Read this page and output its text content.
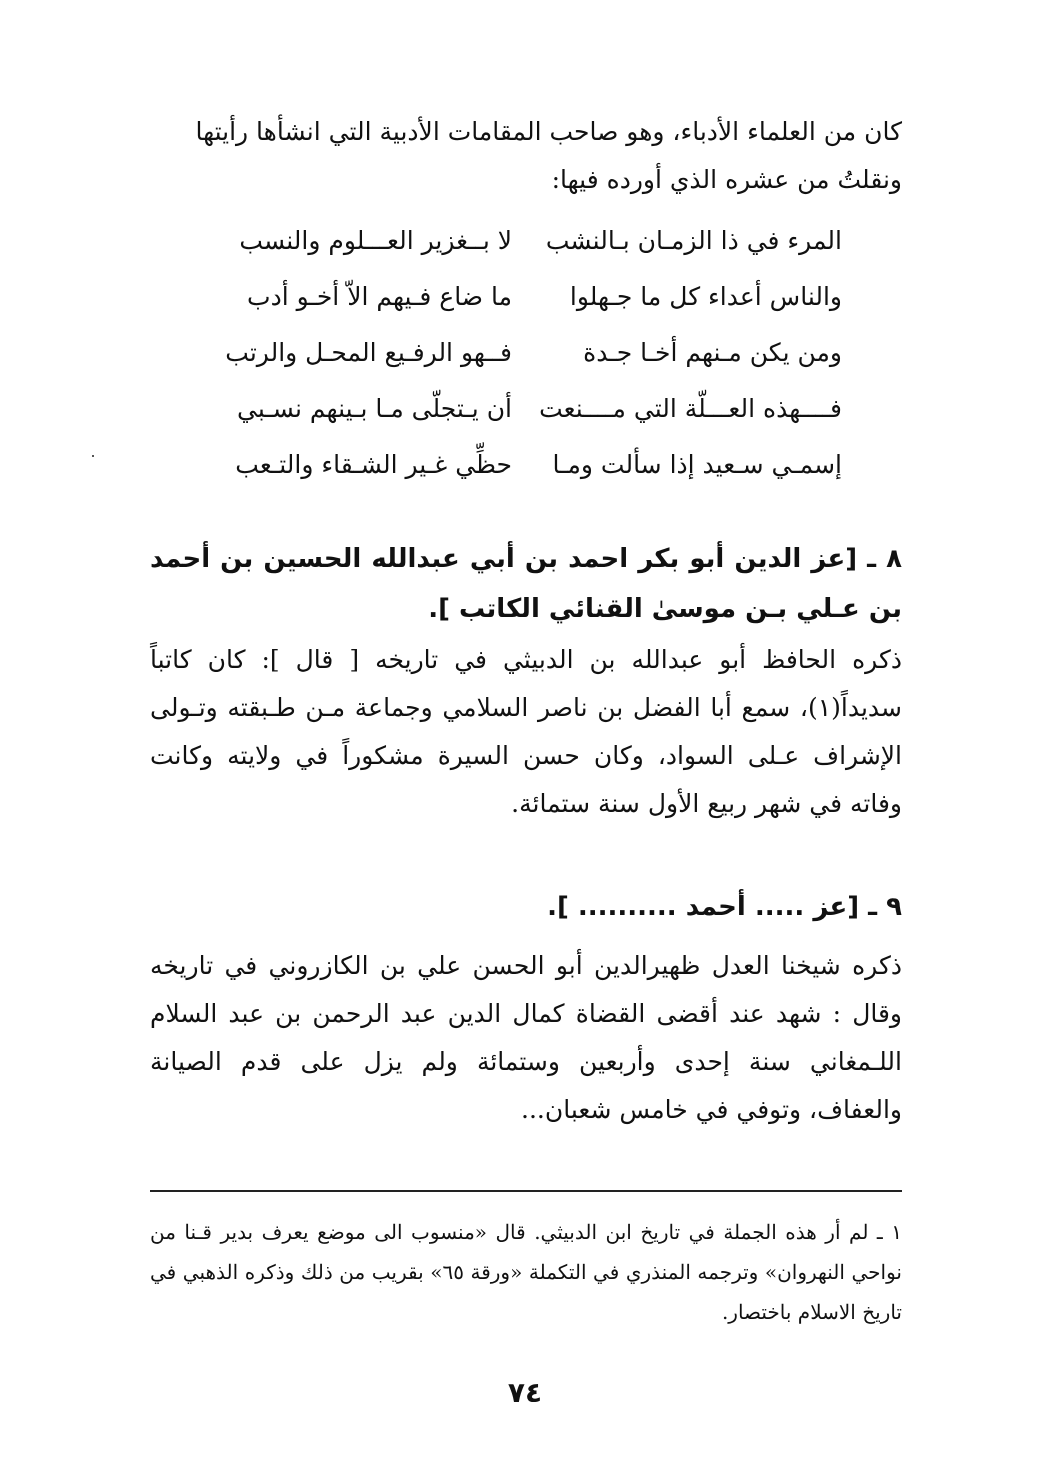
كان من العلماء الأدباء، وهو صاحب المقامات الأدبية التي انشأها رأيتها

ونقلتُ من عشره الذي أورده فيها:

المرء في ذا الزمـان بـالنشب
لا بــغزير العـــلوم والنسب
والناس أعداء كل ما جـهلوا
ما ضاع فـيهم الاّ أخـو أدب
ومن يكن مـنهم أخـا جـدة
فــهو الرفـيع المحـل والرتب
فــــهذه العـــلّة التي مــــنعت
أن يـتجلّى مـا بـينهم نسـبي
إسمـي سـعيد إذا سألت ومـا
حظِّي غـير الشـقاء والتـعب

٨ ـ [عز الدين أبو بكر احمد بن أبي عبدالله الحسين بن أحمد بن عـلي بـن موسىٰ القنائي الكاتب ].

ذكره الحافظ أبو عبدالله بن الدبيثي في تاريخه [ قال ]: كان كاتباً سديداً(١)، سمع أبا الفضل بن ناصر السلامي وجماعة مـن طـبقته وتـولى الإشراف عـلى السواد، وكان حسن السيرة مشكوراً في ولايته وكانت وفاته في شهر ربيع الأول سنة ستمائة.

٩ ـ [عز ..... أحمد .......... ].

ذكره شيخنا العدل ظهيرالدين أبو الحسن علي بن الكازروني في تاريخه وقال : شهد عند أقضى القضاة كمال الدين عبد الرحمن بن عبد السلام اللـمغاني سنة إحدى وأربعين وستمائة ولم يزل على قدم الصيانة والعفاف، وتوفي في خامس شعبان...

١ ـ لم أر هذه الجملة في تاريخ ابن الدبيثي. قال «منسوب الى موضع يعرف بدير قـنا من نواحي النهروان» وترجمه المنذري في التكملة «ورقة ٦٥» بقريب من ذلك وذكره الذهبي في تاريخ الاسلام باختصار.
٧٤
